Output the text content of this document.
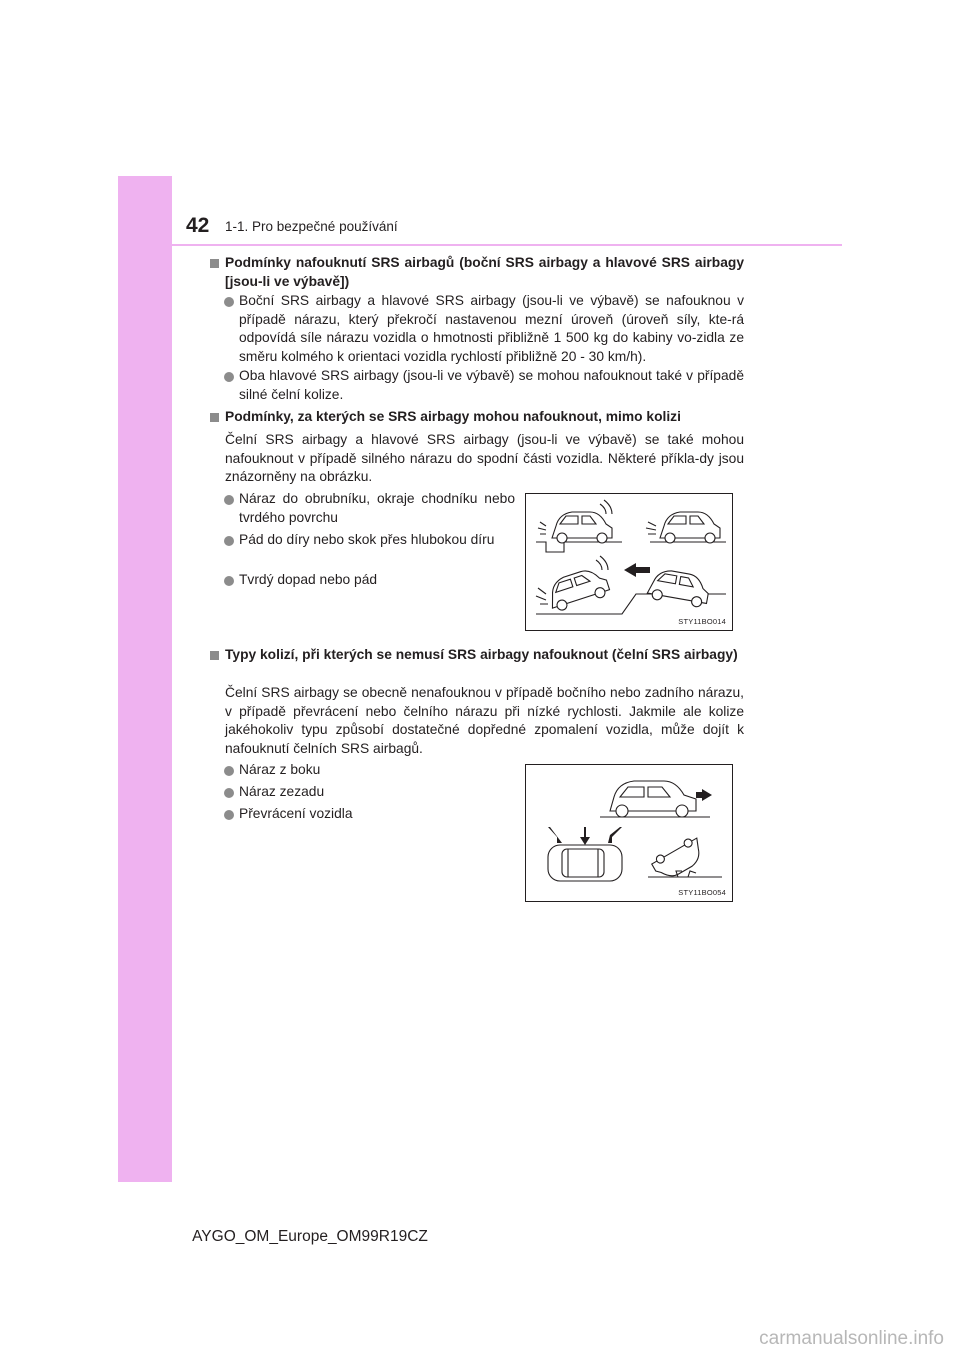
42 1-1. Pro bezpečné používání
Podmínky nafouknutí SRS airbagů (boční SRS airbagy a hlavové SRS airbagy [jsou-li ve výbavě])
Boční SRS airbagy a hlavové SRS airbagy (jsou-li ve výbavě) se nafouknou v případě nárazu, který překročí nastavenou mezní úroveň (úroveň síly, kte-rá odpovídá síle nárazu vozidla o hmotnosti přibližně 1 500 kg do kabiny vo-zidla ze směru kolmého k orientaci vozidla rychlostí přibližně 20 - 30 km/h).
Oba hlavové SRS airbagy (jsou-li ve výbavě) se mohou nafouknout také v případě silné čelní kolize.
Podmínky, za kterých se SRS airbagy mohou nafouknout, mimo kolizi
Čelní SRS airbagy a hlavové SRS airbagy (jsou-li ve výbavě) se také mohou nafouknout v případě silného nárazu do spodní části vozidla. Některé příkla-dy jsou znázorněny na obrázku.
Náraz do obrubníku, okraje chodníku nebo tvrdého povrchu
Pád do díry nebo skok přes hlubokou díru
Tvrdý dopad nebo pád
STY11BO014
Typy kolizí, při kterých se nemusí SRS airbagy nafouknout (čelní SRS airbagy)
Čelní SRS airbagy se obecně nenafouknou v případě bočního nebo zadního nárazu, v případě převrácení nebo čelního nárazu při nízké rychlosti. Jakmile ale kolize jakéhokoliv typu způsobí dostatečné dopředné zpomalení vozidla, může dojít k nafouknutí čelních SRS airbagů.
Náraz z boku
Náraz zezadu
Převrácení vozidla
STY11BO054
AYGO_OM_Europe_OM99R19CZ
carmanualsonline.info
